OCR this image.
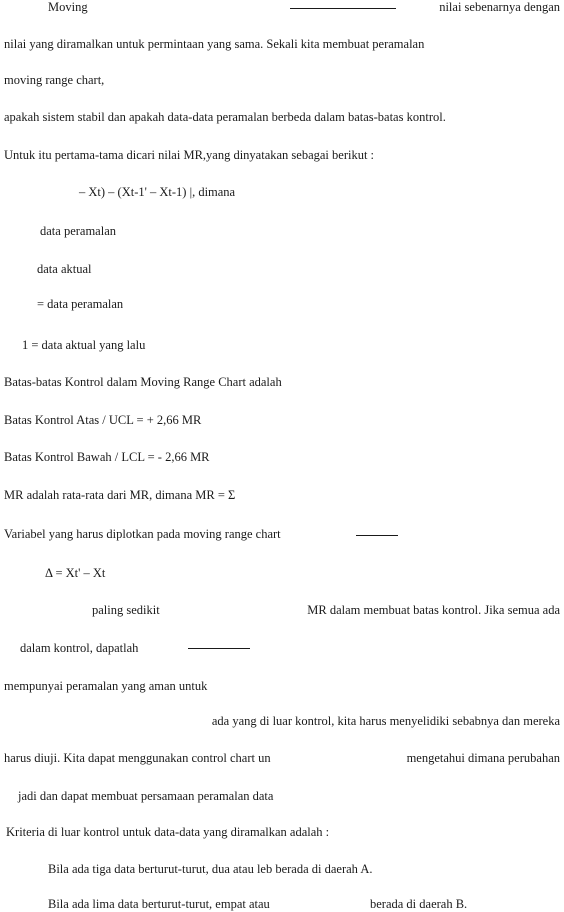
Moving	nilai sebenarnya dengan
nilai yang diramalkan untuk permintaan yang sama. Sekali kita membuat peramalan
moving range chart,
apakah sistem stabil dan apakah data-data peramalan berbeda dalam batas-batas kontrol.
Untuk itu pertama-tama dicari nilai MR,yang dinyatakan sebagai berikut :
– Xt) – (Xt-1' – Xt-1) |, dimana
data peramalan
data aktual
= data peramalan
1 = data aktual yang lalu
Batas-batas Kontrol dalam Moving Range Chart adalah
Batas Kontrol Atas / UCL = + 2,66 MR
Batas Kontrol Bawah / LCL = - 2,66 MR
MR adalah rata-rata dari MR, dimana MR = Σ
Variabel yang harus diplotkan pada moving range chart
Δ = Xt' – Xt
paling sedikit	MR dalam membuat batas kontrol. Jika semua ada
dalam kontrol, dapatlah
mempunyai peramalan yang aman untuk
ada yang di luar kontrol, kita harus menyelidiki sebabnya dan mereka
harus diuji. Kita dapat menggunakan control chart un	mengetahui dimana perubahan
jadi dan dapat membuat persamaan peramalan data
Kriteria di luar kontrol untuk data-data yang diramalkan adalah :
Bila ada tiga data berturut-turut, dua atau leb berada di daerah A.
Bila ada lima data berturut-turut, empat atau	berada di daerah B.
